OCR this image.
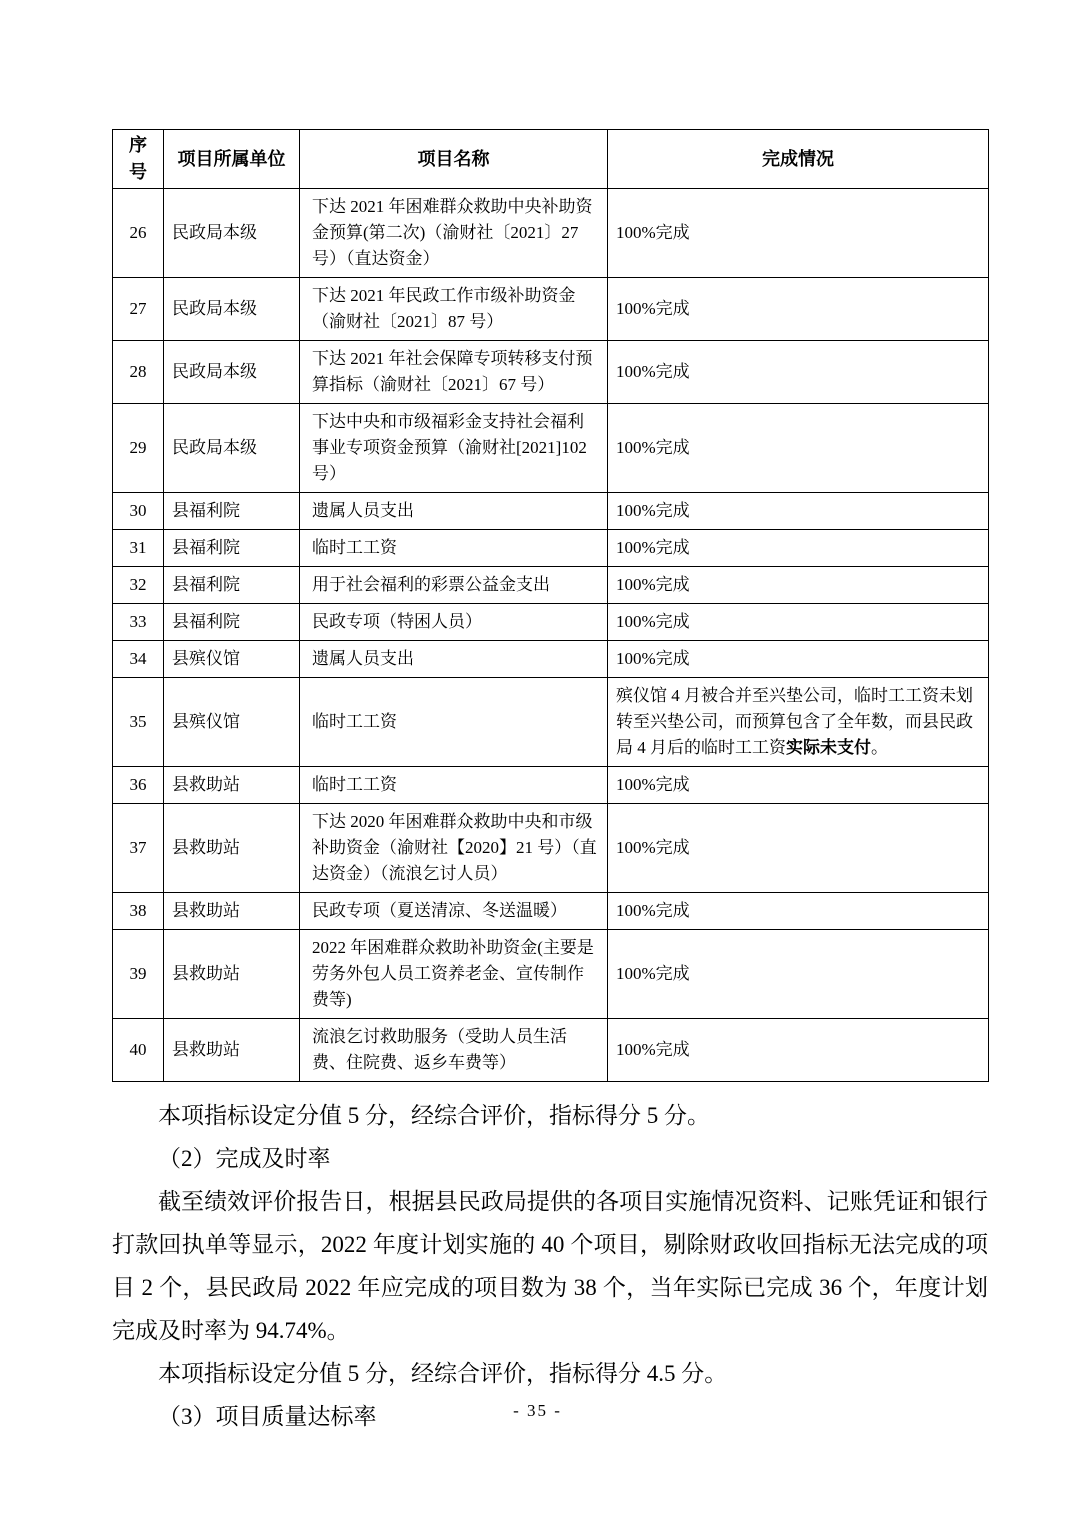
序号	项目所属单位	项目名称	完成情况
26	民政局本级	下达 2021 年困难群众救助中央补助资金预算(第二次)（渝财社〔2021〕27 号）（直达资金）	100%完成
27	民政局本级	下达 2021 年民政工作市级补助资金（渝财社〔2021〕87 号）	100%完成
28	民政局本级	下达 2021 年社会保障专项转移支付预算指标（渝财社〔2021〕67 号）	100%完成
29	民政局本级	下达中央和市级福彩金支持社会福利事业专项资金预算（渝财社[2021]102 号）	100%完成
30	县福利院	遗属人员支出	100%完成
31	县福利院	临时工工资	100%完成
32	县福利院	用于社会福利的彩票公益金支出	100%完成
33	县福利院	民政专项（特困人员）	100%完成
34	县殡仪馆	遗属人员支出	100%完成
35	县殡仪馆	临时工工资	殡仪馆 4 月被合并至兴垫公司，临时工工资未划转至兴垫公司，而预算包含了全年数，而县民政局 4 月后的临时工工资实际未支付。
36	县救助站	临时工工资	100%完成
37	县救助站	下达 2020 年困难群众救助中央和市级补助资金（渝财社【2020】21 号）（直达资金）（流浪乞讨人员）	100%完成
38	县救助站	民政专项（夏送清凉、冬送温暖）	100%完成
39	县救助站	2022 年困难群众救助补助资金(主要是劳务外包人员工资养老金、宣传制作费等)	100%完成
40	县救助站	流浪乞讨救助服务（受助人员生活费、住院费、返乡车费等）	100%完成

本项指标设定分值 5 分，经综合评价，指标得分 5 分。

（2）完成及时率

截至绩效评价报告日，根据县民政局提供的各项目实施情况资料、记账凭证和银行打款回执单等显示，2022 年度计划实施的 40 个项目，剔除财政收回指标无法完成的项目 2 个，县民政局 2022 年应完成的项目数为 38 个，当年实际已完成 36 个，年度计划完成及时率为 94.74%。

本项指标设定分值 5 分，经综合评价，指标得分 4.5 分。

（3）项目质量达标率	- 35 -
